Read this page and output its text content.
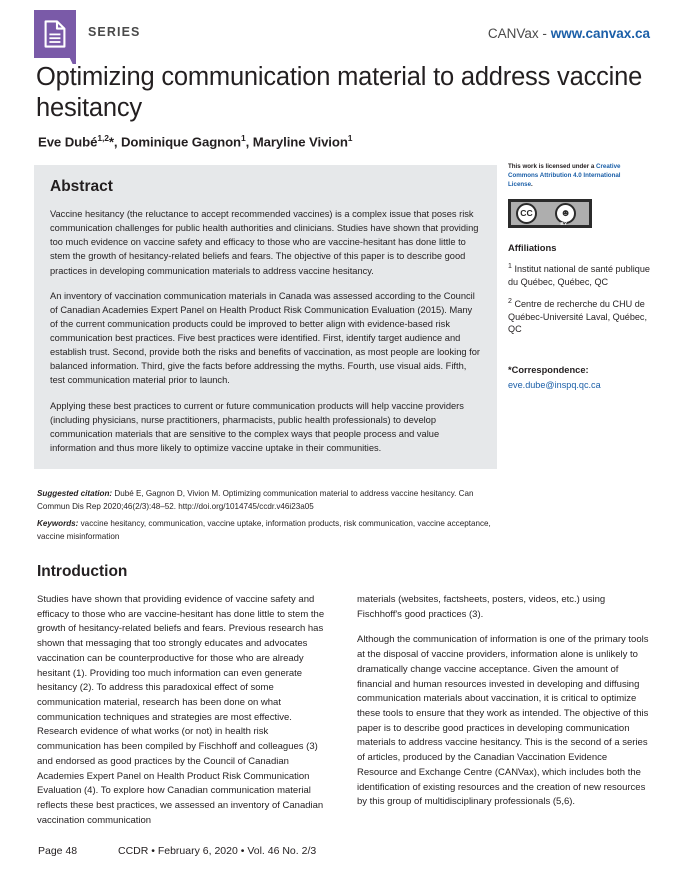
SERIES	CANVax - www.canvax.ca
Optimizing communication material to address vaccine hesitancy
Eve Dubé$^{1,2}$*, Dominique Gagnon$^1$, Maryline Vivion$^1$
Abstract

Vaccine hesitancy (the reluctance to accept recommended vaccines) is a complex issue that poses risk communication challenges for public health authorities and clinicians. Studies have shown that providing too much evidence on vaccine safety and efficacy to those who are vaccine-hesitant has done little to stem the growth of hesitancy-related beliefs and fears. The objective of this paper is to describe good practices in developing communication materials to address vaccine hesitancy.

An inventory of vaccination communication materials in Canada was assessed according to the Council of Canadian Academies Expert Panel on Health Product Risk Communication Evaluation (2015). Many of the current communication products could be improved to better align with evidence-based risk communication best practices. Five best practices were identified. First, identify target audience and establish trust. Second, provide both the risks and benefits of vaccination, as most people are looking for balanced information. Third, give the facts before addressing the myths. Fourth, use visual aids. Fifth, test communication material prior to launch.

Applying these best practices to current or future communication products will help vaccine providers (including physicians, nurse practitioners, pharmacists, public health professionals) to develop communication materials that are sensitive to the complex ways that people process and value information and thus more likely to optimize vaccine uptake in their communities.

Suggested citation: Dubé E, Gagnon D, Vivion M. Optimizing communication material to address vaccine hesitancy. Can Commun Dis Rep 2020;46(2/3):48–52. http://doi.org/1014745/ccdr.v46i23a05

Keywords: vaccine hesitancy, communication, vaccine uptake, information products, risk communication, vaccine acceptance, vaccine misinformation

This work is licensed under a Creative Commons Attribution 4.0 International License.
CC	☻
BY
Affiliations
$^1$ Institut national de santé publique du Québec, Québec, QC
$^2$ Centre de recherche du CHU de Québec-Université Laval, Québec, QC
*Correspondence:
eve.dube@inspq.qc.ca
Introduction

Studies have shown that providing evidence of vaccine safety and efficacy to those who are vaccine-hesitant has done little to stem the growth of hesitancy-related beliefs and fears. Previous research has shown that messaging that too strongly educates and advocates vaccination can be counterproductive for those who are already hesitant (1). Providing too much information can even generate hesitancy (2). To address this paradoxical effect of some communication material, research has been done on what communication techniques and strategies are most effective. Research evidence of what works (or not) in health risk communication has been compiled by Fischhoff and colleagues (3) and endorsed as good practices by the Council of Canadian Academies Expert Panel on Health Product Risk Communication Evaluation (4). To explore how Canadian communication material reflects these best practices, we assessed an inventory of Canadian vaccination communication

materials (websites, factsheets, posters, videos, etc.) using Fischhoff's good practices (3).

Although the communication of information is one of the primary tools at the disposal of vaccine providers, information alone is unlikely to dramatically change vaccine acceptance. Given the amount of financial and human resources invested in developing and diffusing communication materials about vaccination, it is critical to optimize these tools to ensure that they work as intended. The objective of this paper is to describe good practices in developing communication materials to address vaccine hesitancy. This is the second of a series of articles, produced by the Canadian Vaccination Evidence Resource and Exchange Centre (CANVax), which includes both the identification of existing resources and the creation of new resources by this group of multidisciplinary professionals (5,6).

Page 48	CCDR • February 6, 2020 • Vol. 46 No. 2/3
